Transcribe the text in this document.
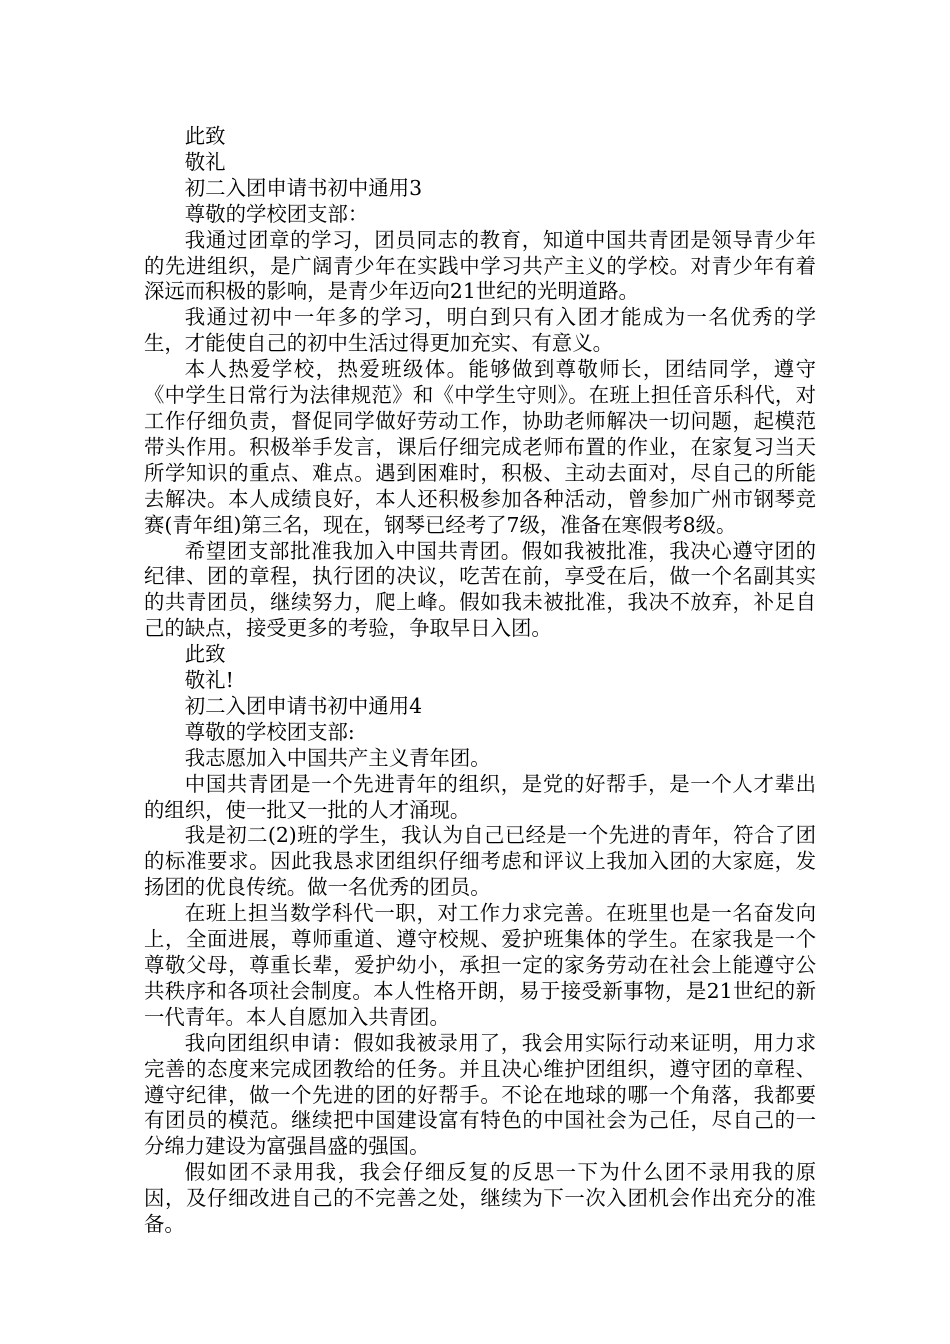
此致

敬礼

初二入团申请书初中通用3

尊敬的学校团支部：

我通过团章的学习，团员同志的教育，知道中国共青团是领导青少年的先进组织，是广阔青少年在实践中学习共产主义的学校。对青少年有着深远而积极的影响，是青少年迈向21世纪的光明道路。

我通过初中一年多的学习，明白到只有入团才能成为一名优秀的学生，才能使自己的初中生活过得更加充实、有意义。

本人热爱学校，热爱班级体。能够做到尊敬师长，团结同学，遵守《中学生日常行为法律规范》和《中学生守则》。在班上担任音乐科代，对工作仔细负责，督促同学做好劳动工作，协助老师解决一切问题，起模范带头作用。积极举手发言，课后仔细完成老师布置的作业，在家复习当天所学知识的重点、难点。遇到困难时，积极、主动去面对，尽自己的所能去解决。本人成绩良好，本人还积极参加各种活动，曾参加广州市钢琴竞赛(青年组)第三名，现在，钢琴已经考了7级，准备在寒假考8级。

希望团支部批准我加入中国共青团。假如我被批准，我决心遵守团的纪律、团的章程，执行团的决议，吃苦在前，享受在后，做一个名副其实的共青团员，继续努力，爬上峰。假如我未被批准，我决不放弃，补足自己的缺点，接受更多的考验，争取早日入团。

此致

敬礼!

初二入团申请书初中通用4

尊敬的学校团支部:

我志愿加入中国共产主义青年团。

中国共青团是一个先进青年的组织，是党的好帮手，是一个人才辈出的组织，使一批又一批的人才涌现。

我是初二(2)班的学生，我认为自己已经是一个先进的青年，符合了团的标准要求。因此我恳求团组织仔细考虑和评议上我加入团的大家庭，发扬团的优良传统。做一名优秀的团员。

在班上担当数学科代一职，对工作力求完善。在班里也是一名奋发向上，全面进展，尊师重道、遵守校规、爱护班集体的学生。在家我是一个尊敬父母，尊重长辈，爱护幼小，承担一定的家务劳动在社会上能遵守公共秩序和各项社会制度。本人性格开朗，易于接受新事物，是21世纪的新一代青年。本人自愿加入共青团。

我向团组织申请：假如我被录用了，我会用实际行动来证明，用力求完善的态度来完成团教给的任务。并且决心维护团组织，遵守团的章程、遵守纪律，做一个先进的团的好帮手。不论在地球的哪一个角落，我都要有团员的模范。继续把中国建设富有特色的中国社会为己任，尽自己的一分绵力建设为富强昌盛的强国。

假如团不录用我，我会仔细反复的反思一下为什么团不录用我的原因，及仔细改进自己的不完善之处，继续为下一次入团机会作出充分的准备。
